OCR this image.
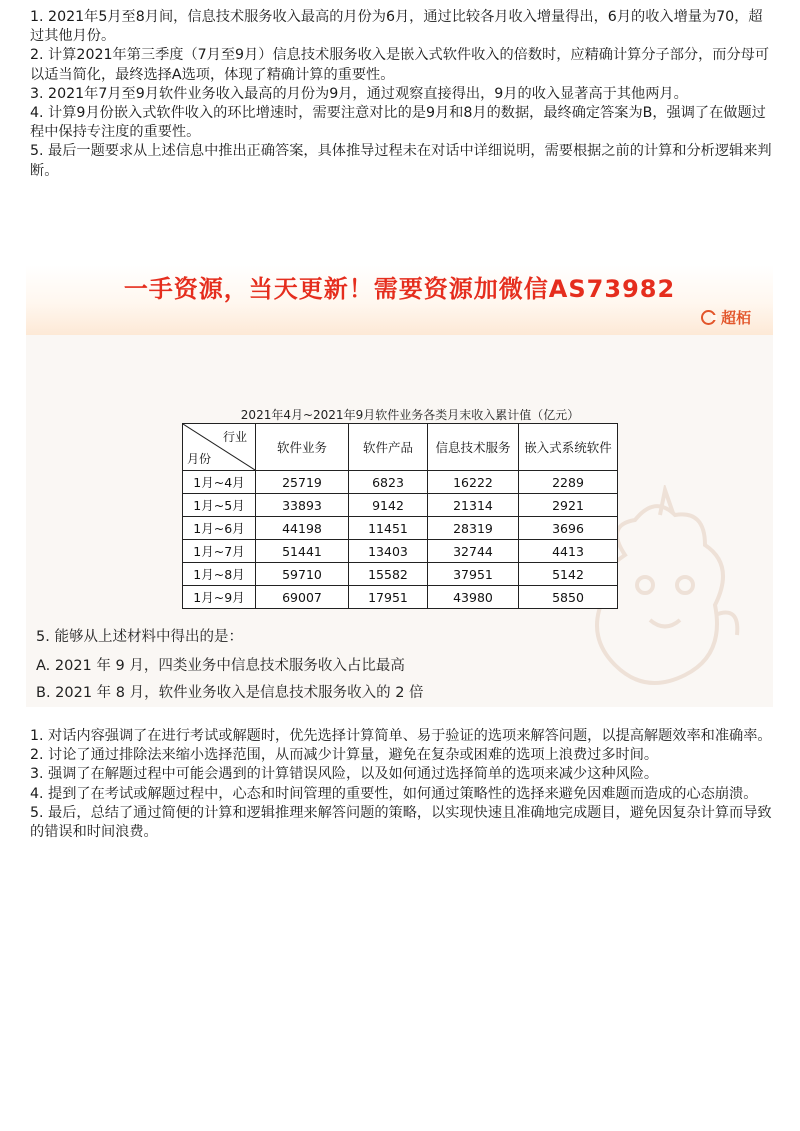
1. 2021年5月至8月间，信息技术服务收入最高的月份为6月，通过比较各月收入增量得出，6月的收入增量为70，超过其他月份。

2. 计算2021年第三季度（7月至9月）信息技术服务收入是嵌入式软件收入的倍数时，应精确计算分子部分，而分母可以适当简化，最终选择A选项，体现了精确计算的重要性。

3. 2021年7月至9月软件业务收入最高的月份为9月，通过观察直接得出，9月的收入显著高于其他两月。

4. 计算9月份嵌入式软件收入的环比增速时，需要注意对比的是9月和8月的数据，最终确定答案为B，强调了在做题过程中保持专注度的重要性。

5. 最后一题要求从上述信息中推出正确答案，具体推导过程未在对话中详细说明，需要根据之前的计算和分析逻辑来判断。

一手资源，当天更新！需要资源加微信AS73982
超栢
2021年4月~2021年9月软件业务各类月末收入累计值（亿元）
行业
月份	软件业务	软件产品	信息技术服务	嵌入式系统软件
1月~4月	25719	6823	16222	2289
1月~5月	33893	9142	21314	2921
1月~6月	44198	11451	28319	3696
1月~7月	51441	13403	32744	4413
1月~8月	59710	15582	37951	5142
1月~9月	69007	17951	43980	5850
5. 能够从上述材料中得出的是：
A. 2021 年 9 月，四类业务中信息技术服务收入占比最高
B. 2021 年 8 月，软件业务收入是信息技术服务收入的 2 倍

1. 对话内容强调了在进行考试或解题时，优先选择计算简单、易于验证的选项来解答问题，以提高解题效率和准确率。

2. 讨论了通过排除法来缩小选择范围，从而减少计算量，避免在复杂或困难的选项上浪费过多时间。

3. 强调了在解题过程中可能会遇到的计算错误风险，以及如何通过选择简单的选项来减少这种风险。

4. 提到了在考试或解题过程中，心态和时间管理的重要性，如何通过策略性的选择来避免因难题而造成的心态崩溃。

5. 最后，总结了通过简便的计算和逻辑推理来解答问题的策略，以实现快速且准确地完成题目，避免因复杂计算而导致的错误和时间浪费。
